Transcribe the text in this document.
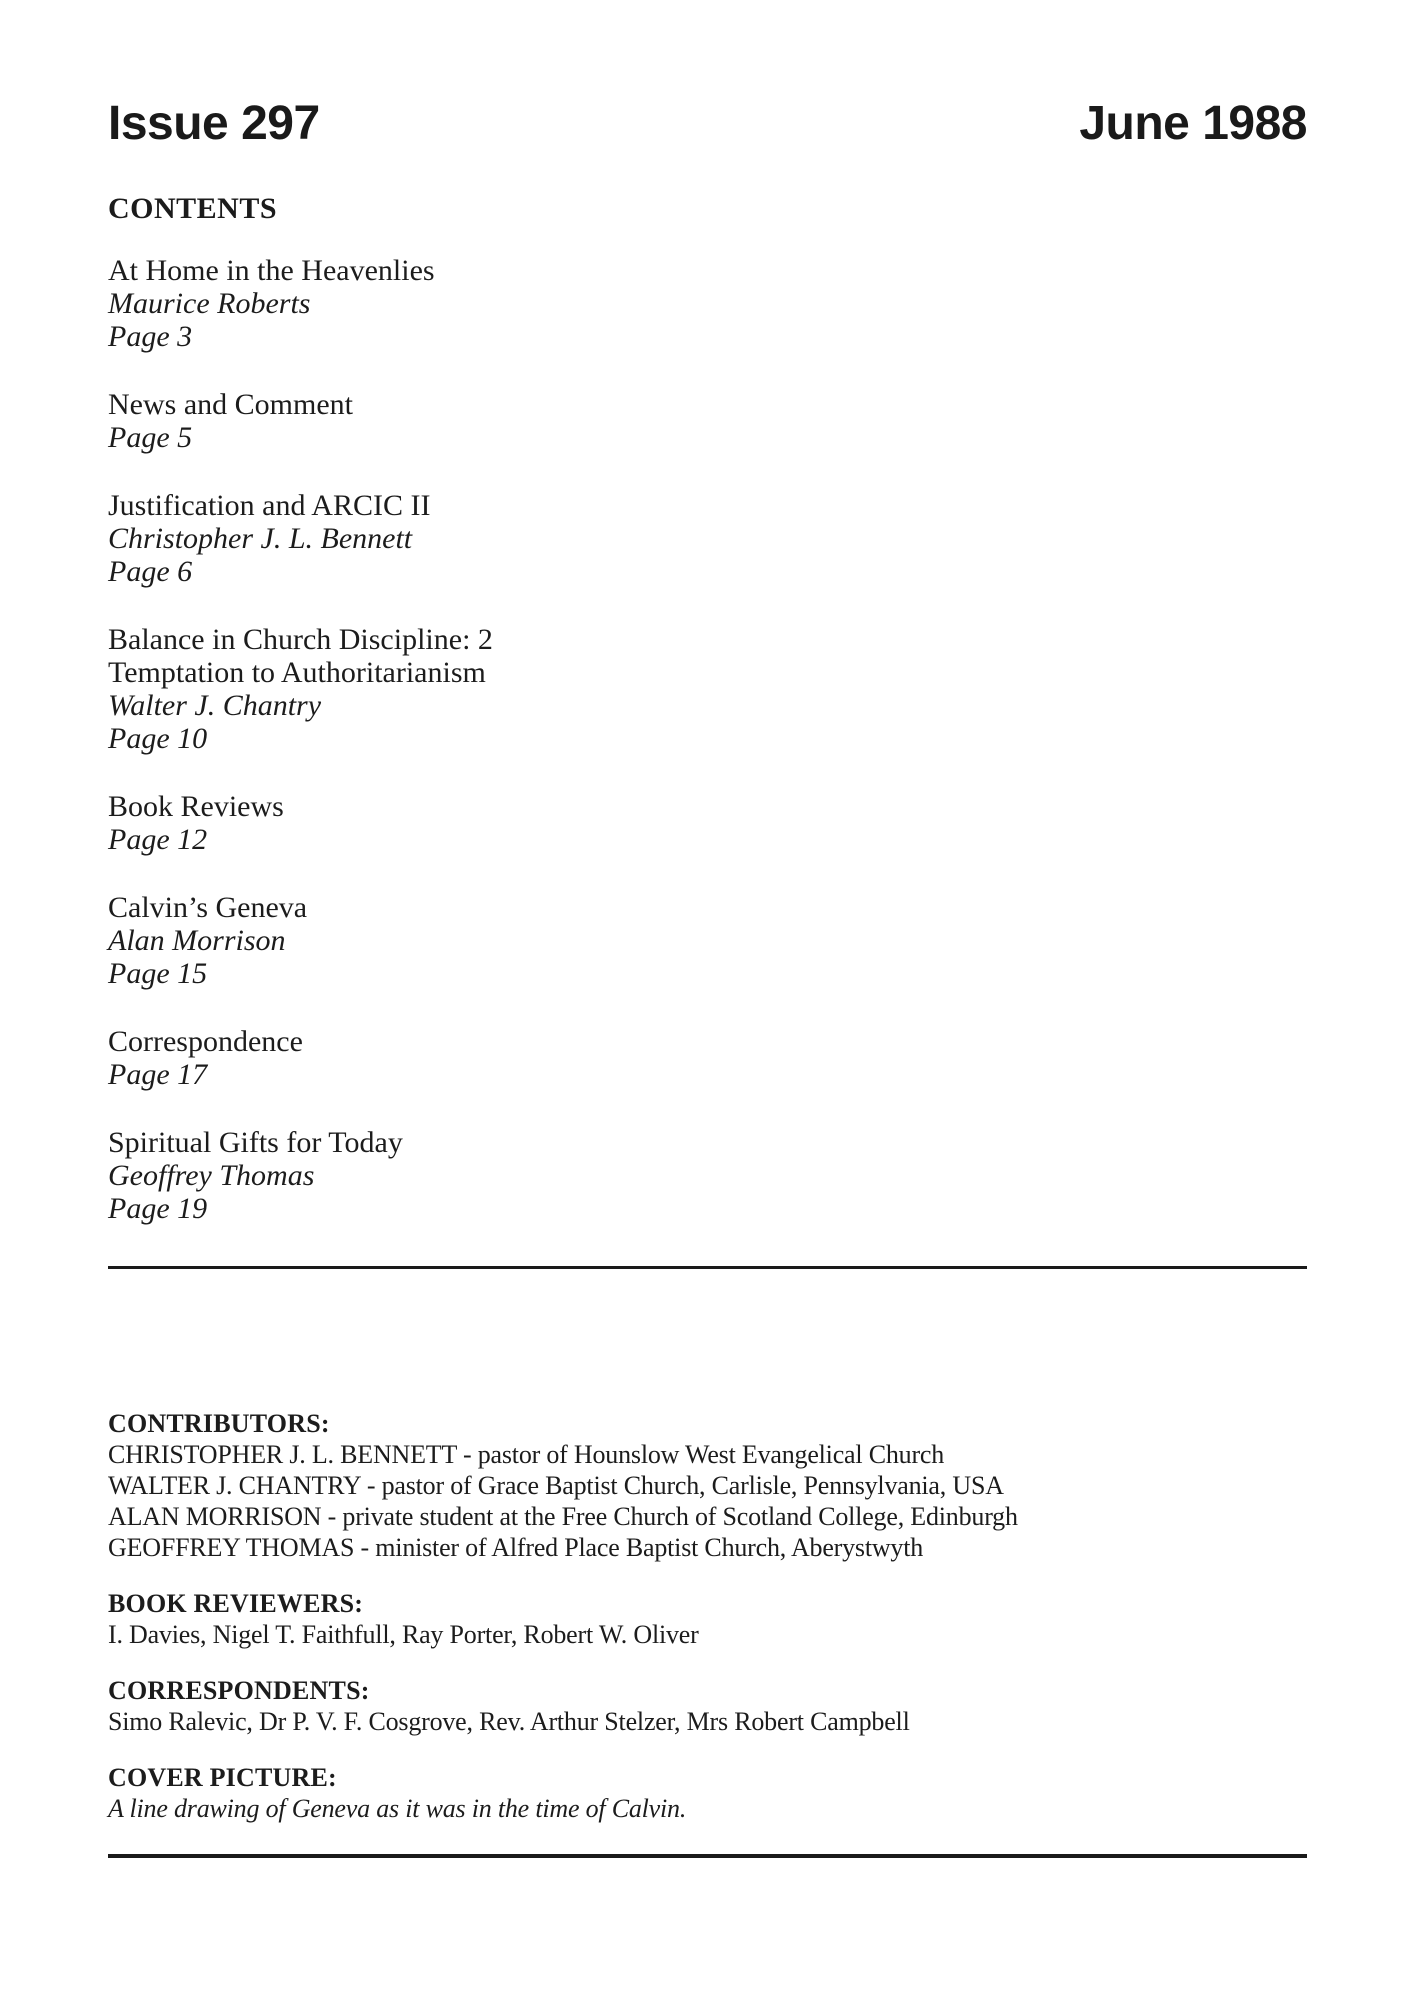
Issue 297	June 1988
CONTENTS
At Home in the Heavenlies
Maurice Roberts
Page 3
News and Comment
Page 5
Justification and ARCIC II
Christopher J. L. Bennett
Page 6
Balance in Church Discipline: 2
Temptation to Authoritarianism
Walter J. Chantry
Page 10
Book Reviews
Page 12
Calvin’s Geneva
Alan Morrison
Page 15
Correspondence
Page 17
Spiritual Gifts for Today
Geoffrey Thomas
Page 19
CONTRIBUTORS:
CHRISTOPHER J. L. BENNETT - pastor of Hounslow West Evangelical Church
WALTER J. CHANTRY - pastor of Grace Baptist Church, Carlisle, Pennsylvania, USA
ALAN MORRISON - private student at the Free Church of Scotland College, Edinburgh
GEOFFREY THOMAS - minister of Alfred Place Baptist Church, Aberystwyth
BOOK REVIEWERS:
I. Davies, Nigel T. Faithfull, Ray Porter, Robert W. Oliver
CORRESPONDENTS:
Simo Ralevic, Dr P. V. F. Cosgrove, Rev. Arthur Stelzer, Mrs Robert Campbell
COVER PICTURE:
A line drawing of Geneva as it was in the time of Calvin.
